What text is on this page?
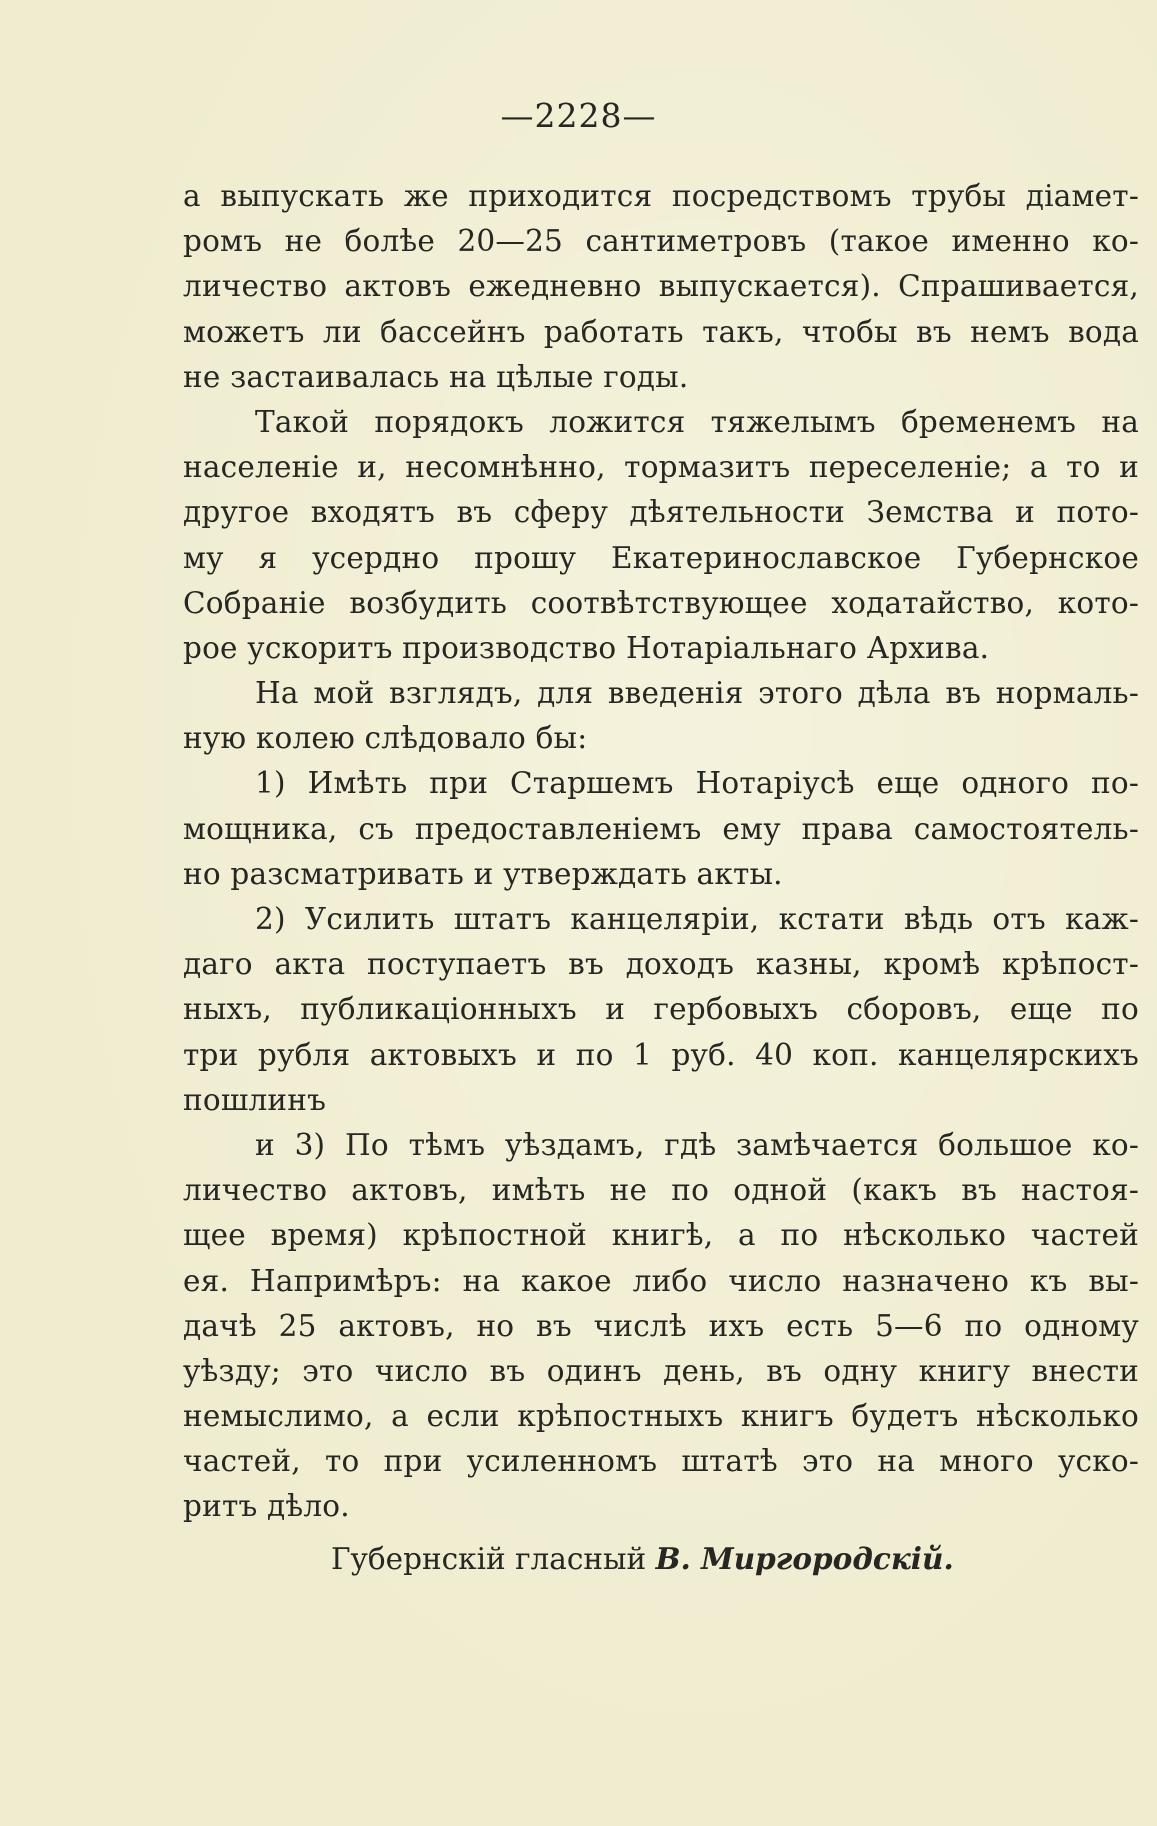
—2228—
а выпускать же приходится посредствомъ трубы діамет-
ромъ не болѣе 20—25 сантиметровъ (такое именно ко-
личество актовъ ежедневно выпускается). Спрашивается,
можетъ ли бассейнъ работать такъ, чтобы въ немъ вода
не застаивалась на цѣлые годы.
Такой порядокъ ложится тяжелымъ бременемъ на
населеніе и, несомнѣнно, тормазитъ переселеніе; а то и
другое входятъ въ сферу дѣятельности Земства и пото-
му я усердно прошу Екатеринославское Губернское
Собраніе возбудить соотвѣтствующее ходатайство, кото-
рое ускоритъ производство Нотаріальнаго Архива.
На мой взглядъ, для введенія этого дѣла въ нормаль-
ную колею слѣдовало бы:
1) Имѣть при Старшемъ Нотаріусѣ еще одного по-
мощника, съ предоставленіемъ ему права самостоятель-
но разсматривать и утверждать акты.
2) Усилить штатъ канцеляріи, кстати вѣдь отъ каж-
даго акта поступаетъ въ доходъ казны, кромѣ крѣпост-
ныхъ, публикаціонныхъ и гербовыхъ сборовъ, еще по
три рубля актовыхъ и по 1 руб. 40 коп. канцелярскихъ
пошлинъ
и 3) По тѣмъ уѣздамъ, гдѣ замѣчается большое ко-
личество актовъ, имѣть не по одной (какъ въ настоя-
щее время) крѣпостной книгѣ, а по нѣсколько частей
ея. Напримѣръ: на какое либо число назначено къ вы-
дачѣ 25 актовъ, но въ числѣ ихъ есть 5—6 по одному
уѣзду; это число въ одинъ день, въ одну книгу внести
немыслимо, а если крѣпостныхъ книгъ будетъ нѣсколько
частей, то при усиленномъ штатѣ это на много уско-
ритъ дѣло.
Губернскій гласный В. Миргородскій.
